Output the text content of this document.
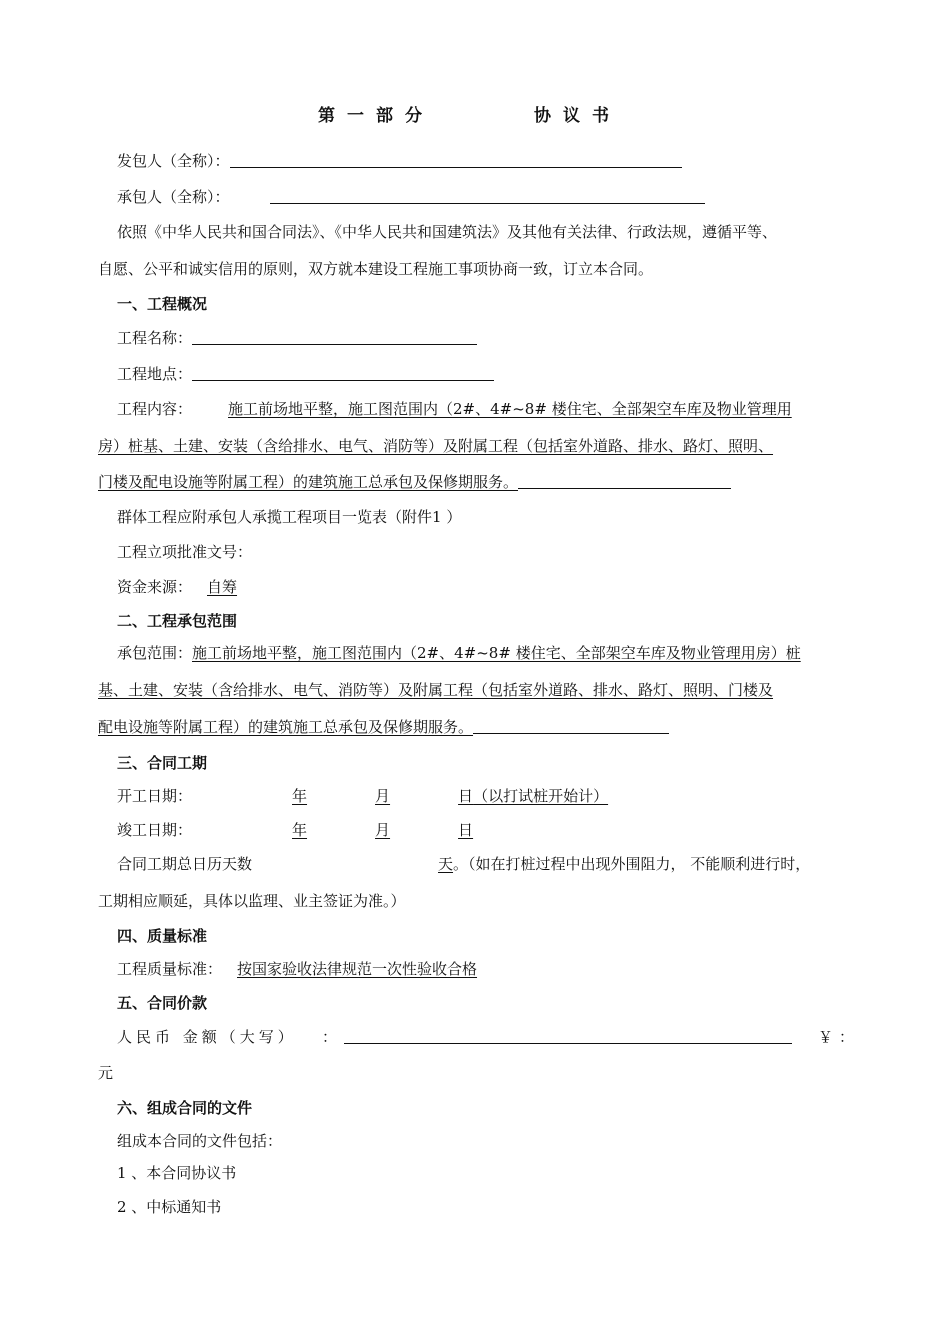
第一部分	协议书
发包人（全称）：
承包人（全称）：
依照《中华人民共和国合同法》、《中华人民共和国建筑法》及其他有关法律、行政法规，遵循平等、
自愿、公平和诚实信用的原则，双方就本建设工程施工事项协商一致，订立本合同。
一、工程概况
工程名称：
工程地点：
工程内容： 施工前场地平整，施工图范围内（2#、4#~8# 楼住宅、全部架空车库及物业管理用
房）桩基、土建、安装（含给排水、电气、消防等）及附属工程（包括室外道路、排水、路灯、照明、
门楼及配电设施等附属工程）的建筑施工总承包及保修期服务。
群体工程应附承包人承揽工程项目一览表（附件1 ）
工程立项批准文号：
资金来源： 自筹
二、工程承包范围
承包范围：施工前场地平整，施工图范围内（2#、4#~8# 楼住宅、全部架空车库及物业管理用房）桩
基、土建、安装（含给排水、电气、消防等）及附属工程（包括室外道路、排水、路灯、照明、门楼及
配电设施等附属工程）的建筑施工总承包及保修期服务。
三、合同工期
开工日期：	年	月	日（以打试桩开始计）
竣工日期：	年	月	日
合同工期总日历天数	天。（如在打桩过程中出现外围阻力， 不能顺利进行时，
工期相应顺延，具体以监理、业主签证为准。）
四、质量标准
工程质量标准： 按国家验收法律规范一次性验收合格
五、合同价款
人民币 金额（大写） ：	￥：
元
六、组成合同的文件
组成本合同的文件包括：
1 、本合同协议书
2 、中标通知书
